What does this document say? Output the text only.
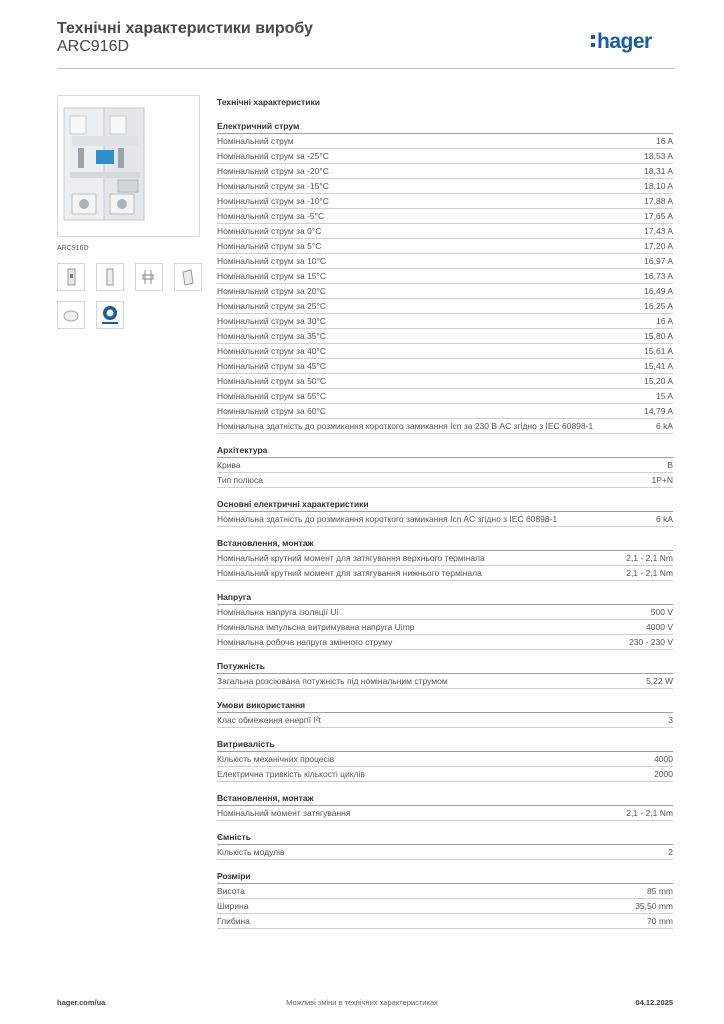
Технічні характеристики виробу
ARC916D	hager
ARC916D
Технічні характеристики
Електричний струм
Номінальний струм	16 A
Номінальний струм за -25°C	18,53 A
Номінальний струм за -20°C	18,31 A
Номінальний струм за -15°C	18,10 A
Номінальний струм за -10°C	17,88 A
Номінальний струм за -5°C	17,65 A
Номінальний струм за 0°C	17,43 A
Номінальний струм за 5°C	17,20 A
Номінальний струм за 10°C	16,97 A
Номінальний струм за 15°C	16,73 A
Номінальний струм за 20°C	16,49 A
Номінальний струм за 25°C	16,25 A
Номінальний струм за 30°C	16 A
Номінальний струм за 35°C	15,80 A
Номінальний струм за 40°C	15,61 A
Номінальний струм за 45°C	15,41 A
Номінальний струм за 50°C	15,20 A
Номінальний струм за 55°C	15 A
Номінальний струм за 60°C	14,79 A
Номінальна здатність до розмикання короткого замикання Icn за 230 В AC згідно з IEC 60898-1	6 kA
Архітектура
Крива	B
Тип полюса	1P+N
Основні електричні характеристики
Номінальна здатність до розмикання короткого замикання Icn AC згідно з IEC 60898-1	6 kA
Встановлення, монтаж
Номінальний крутний момент для затягування верхнього термінала	2,1 - 2,1 Nm
Номінальний крутний момент для затягування нижнього термінала	2,1 - 2,1 Nm
Напруга
Номінальна напруга ізоляції Ui	500 V
Номінальна імпульсна витримувана напруга Uimp	4000 V
Номінальна робоча напруга змінного струму	230 - 230 V
Потужність
Загальна розсіювана потужність під номінальним струмом	5,22 W
Умови використання
Клас обмеження енергії I²t	3
Витривалість
Кількість механічних процесів	4000
Електрична тривкість кількості циклів	2000
Встановлення, монтаж
Номінальний момент затягування	2,1 - 2,1 Nm
Ємність
Кількість модулів	2
Розміри
Висота	85 mm
Ширина	35,50 mm
Глибина	70 mm
hager.com/ua	Можливі зміни в технічних характеристиках	04.12.2025
